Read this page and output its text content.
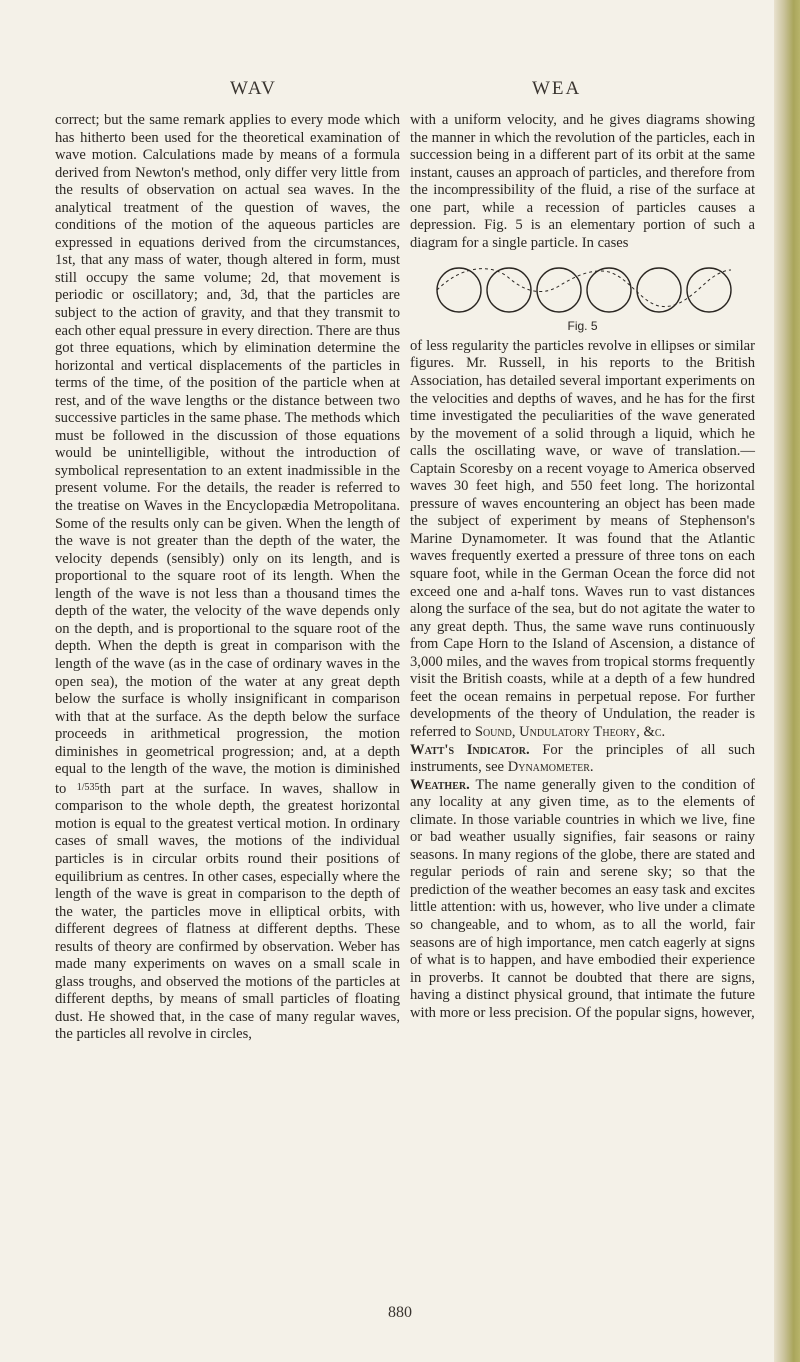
WAV	WEA

correct; but the same remark applies to every mode which has hitherto been used for the theoretical examination of wave motion. Calculations made by means of a formula derived from Newton's method, only differ very little from the results of observation on actual sea waves. In the analytical treatment of the question of waves, the conditions of the motion of the aqueous particles are expressed in equations derived from the circumstances, 1st, that any mass of water, though altered in form, must still occupy the same volume; 2d, that movement is periodic or oscillatory; and, 3d, that the particles are subject to the action of gravity, and that they transmit to each other equal pressure in every direction. There are thus got three equations, which by elimination determine the horizontal and vertical displacements of the particles in terms of the time, of the position of the particle when at rest, and of the wave lengths or the distance between two successive particles in the same phase. The methods which must be followed in the discussion of those equations would be unintelligible, without the introduction of symbolical representation to an extent inadmissible in the present volume. For the details, the reader is referred to the treatise on Waves in the Encyclopædia Metropolitana. Some of the results only can be given. When the length of the wave is not greater than the depth of the water, the velocity depends (sensibly) only on its length, and is proportional to the square root of its length. When the length of the wave is not less than a thousand times the depth of the water, the velocity of the wave depends only on the depth, and is proportional to the square root of the depth. When the depth is great in comparison with the length of the wave (as in the case of ordinary waves in the open sea), the motion of the water at any great depth below the surface is wholly insignificant in comparison with that at the surface. As the depth below the surface proceeds in arithmetical progression, the motion diminishes in geometrical progression; and, at a depth equal to the length of the wave, the motion is diminished to $^{1/535}$th part at the surface. In waves, shallow in comparison to the whole depth, the greatest horizontal motion is equal to the greatest vertical motion. In ordinary cases of small waves, the motions of the individual particles is in circular orbits round their positions of equilibrium as centres. In other cases, especially where the length of the wave is great in comparison to the depth of the water, the particles move in elliptical orbits, with different degrees of flatness at different depths. These results of theory are confirmed by observation. Weber has made many experiments on waves on a small scale in glass troughs, and observed the motions of the particles at different depths, by means of small particles of floating dust. He showed that, in the case of many regular waves, the particles all revolve in circles,

with a uniform velocity, and he gives diagrams showing the manner in which the revolution of the particles, each in succession being in a different part of its orbit at the same instant, causes an approach of particles, and therefore from the incompressibility of the fluid, a rise of the surface at one part, while a recession of particles causes a depression. Fig. 5 is an elementary portion of such a diagram for a single particle. In cases

Fig. 5

of less regularity the particles revolve in ellipses or similar figures. Mr. Russell, in his reports to the British Association, has detailed several important experiments on the velocities and depths of waves, and he has for the first time investigated the peculiarities of the wave generated by the movement of a solid through a liquid, which he calls the oscillating wave, or wave of translation.—Captain Scoresby on a recent voyage to America observed waves 30 feet high, and 550 feet long. The horizontal pressure of waves encountering an object has been made the subject of experiment by means of Stephenson's Marine Dynamometer. It was found that the Atlantic waves frequently exerted a pressure of three tons on each square foot, while in the German Ocean the force did not exceed one and a-half tons. Waves run to vast distances along the surface of the sea, but do not agitate the water to any great depth. Thus, the same wave runs continuously from Cape Horn to the Island of Ascension, a distance of 3,000 miles, and the waves from tropical storms frequently visit the British coasts, while at a depth of a few hundred feet the ocean remains in perpetual repose. For further developments of the theory of Undulation, the reader is referred to Sound, Undulatory Theory, &c.

Watt's Indicator. For the principles of all such instruments, see Dynamometer.

Weather. The name generally given to the condition of any locality at any given time, as to the elements of climate. In those variable countries in which we live, fine or bad weather usually signifies, fair seasons or rainy seasons. In many regions of the globe, there are stated and regular periods of rain and serene sky; so that the prediction of the weather becomes an easy task and excites little attention: with us, however, who live under a climate so changeable, and to whom, as to all the world, fair seasons are of high importance, men catch eagerly at signs of what is to happen, and have embodied their experience in proverbs. It cannot be doubted that there are signs, having a distinct physical ground, that intimate the future with more or less precision. Of the popular signs, however,

880
